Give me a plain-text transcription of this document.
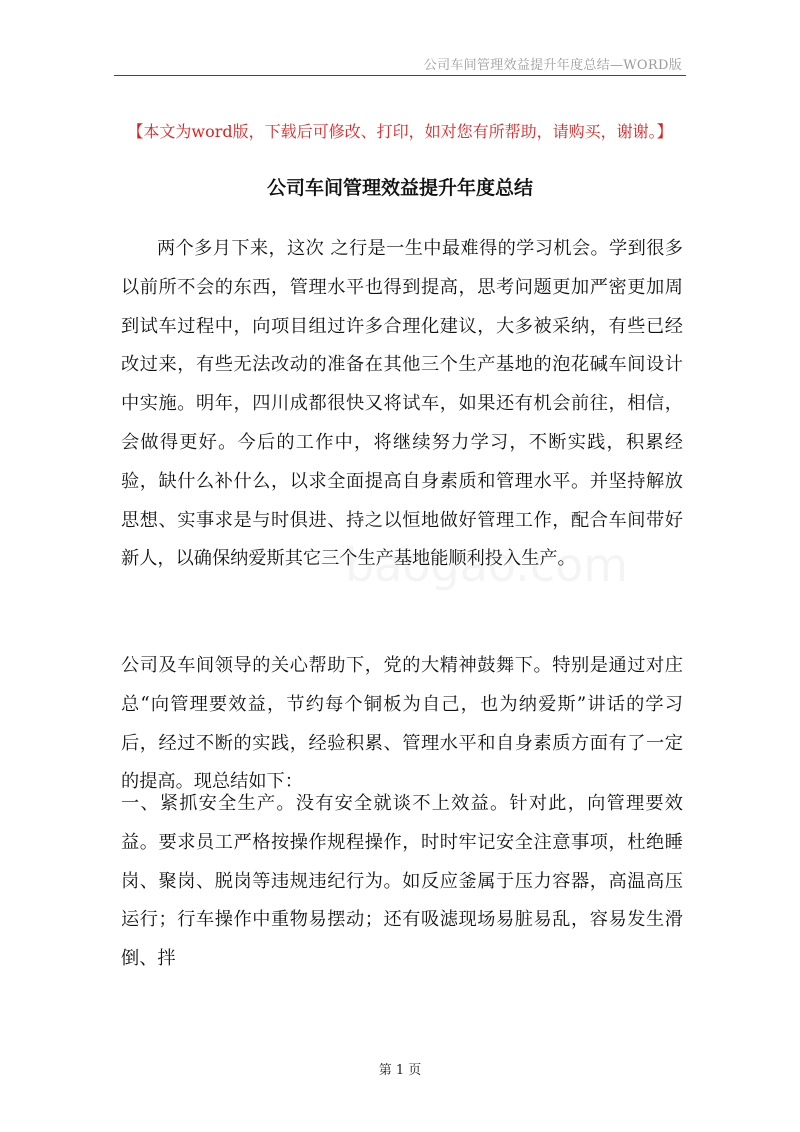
公司车间管理效益提升年度总结—WORD版
【本文为word版，下载后可修改、打印，如对您有所帮助，请购买，谢谢。】
公司车间管理效益提升年度总结

两个多月下来，这次 之行是一生中最难得的学习机会。学到很多以前所不会的东西，管理水平也得到提高，思考问题更加严密更加周到试车过程中，向项目组过许多合理化建议，大多被采纳，有些已经改过来，有些无法改动的准备在其他三个生产基地的泡花碱车间设计中实施。明年，四川成都很快又将试车，如果还有机会前往，相信，会做得更好。今后的工作中，将继续努力学习，不断实践，积累经验，缺什么补什么，以求全面提高自身素质和管理水平。并坚持解放思想、实事求是与时俱进、持之以恒地做好管理工作，配合车间带好新人，以确保纳爱斯其它三个生产基地能顺利投入生产。

公司及车间领导的关心帮助下，党的大精神鼓舞下。特别是通过对庄总“向管理要效益，节约每个铜板为自己，也为纳爱斯”讲话的学习后，经过不断的实践，经验积累、管理水平和自身素质方面有了一定的提高。现总结如下：

一、紧抓安全生产。没有安全就谈不上效益。针对此，向管理要效益。要求员工严格按操作规程操作，时时牢记安全注意事项，杜绝睡岗、聚岗、脱岗等违规违纪行为。如反应釜属于压力容器，高温高压运行；行车操作中重物易摆动；还有吸滤现场易脏易乱，容易发生滑倒、拌

第 1 页
